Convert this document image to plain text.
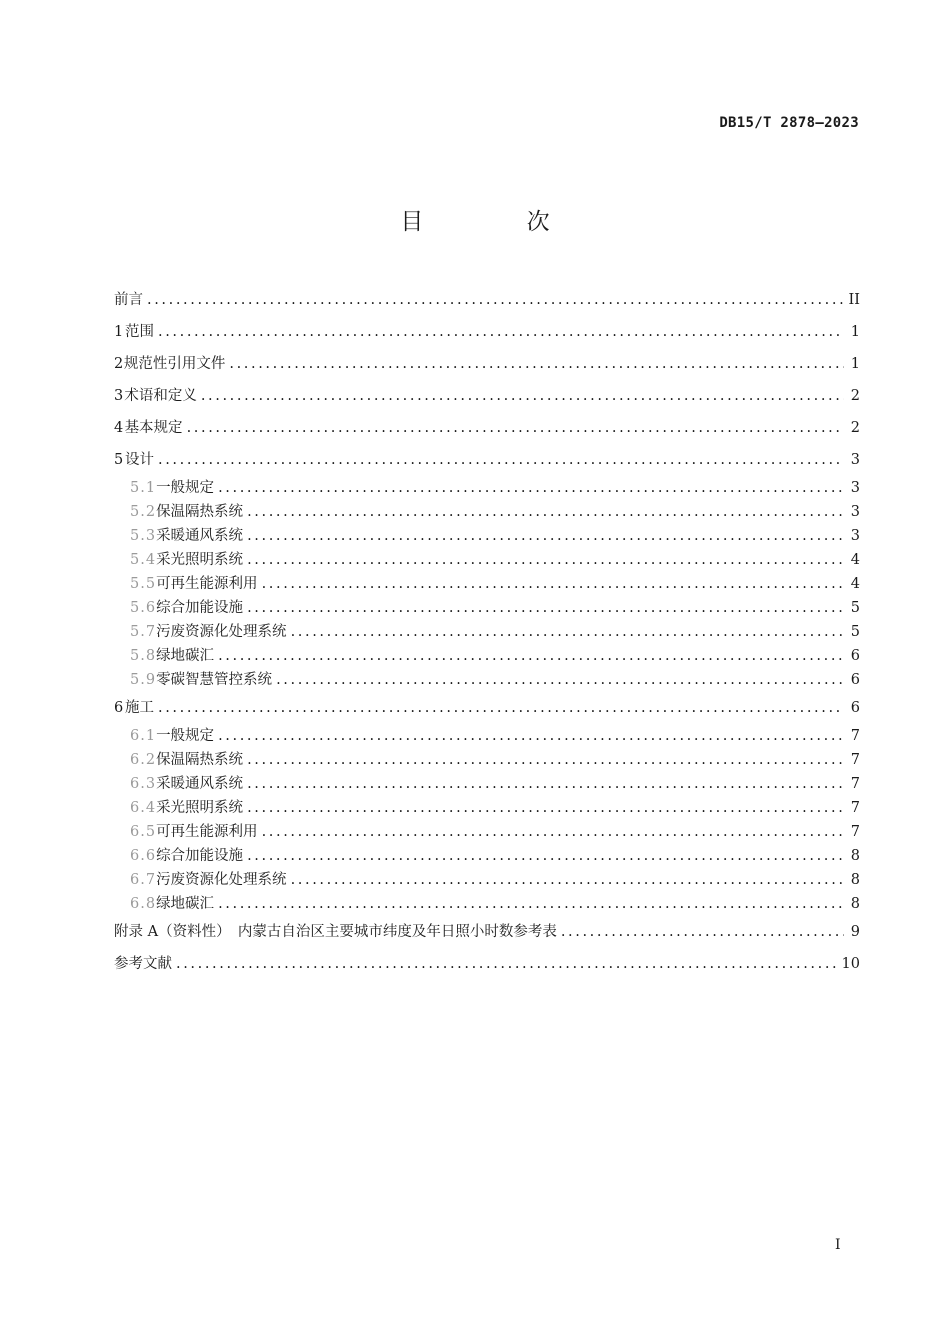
DB15/T 2878—2023
目 次
前言 .....	II
1 范围 .....	1
2 规范性引用文件 .....	1
3 术语和定义 .....	2
4 基本规定 .....	2
5 设计 .....	3
5.1 一般规定 .....	3
5.2 保温隔热系统 .....	3
5.3 采暖通风系统 .....	3
5.4 采光照明系统 .....	4
5.5 可再生能源利用 .....	4
5.6 综合加能设施 .....	5
5.7 污废资源化处理系统 .....	5
5.8 绿地碳汇 .....	6
5.9 零碳智慧管控系统 .....	6
6 施工 .....	6
6.1 一般规定 .....	7
6.2 保温隔热系统 .....	7
6.3 采暖通风系统 .....	7
6.4 采光照明系统 .....	7
6.5 可再生能源利用 .....	7
6.6 综合加能设施 .....	8
6.7 污废资源化处理系统 .....	8
6.8 绿地碳汇 .....	8
附录 A（资料性）　内蒙古自治区主要城市纬度及年日照小时数参考表 .....	9
参考文献 .....	10
I
